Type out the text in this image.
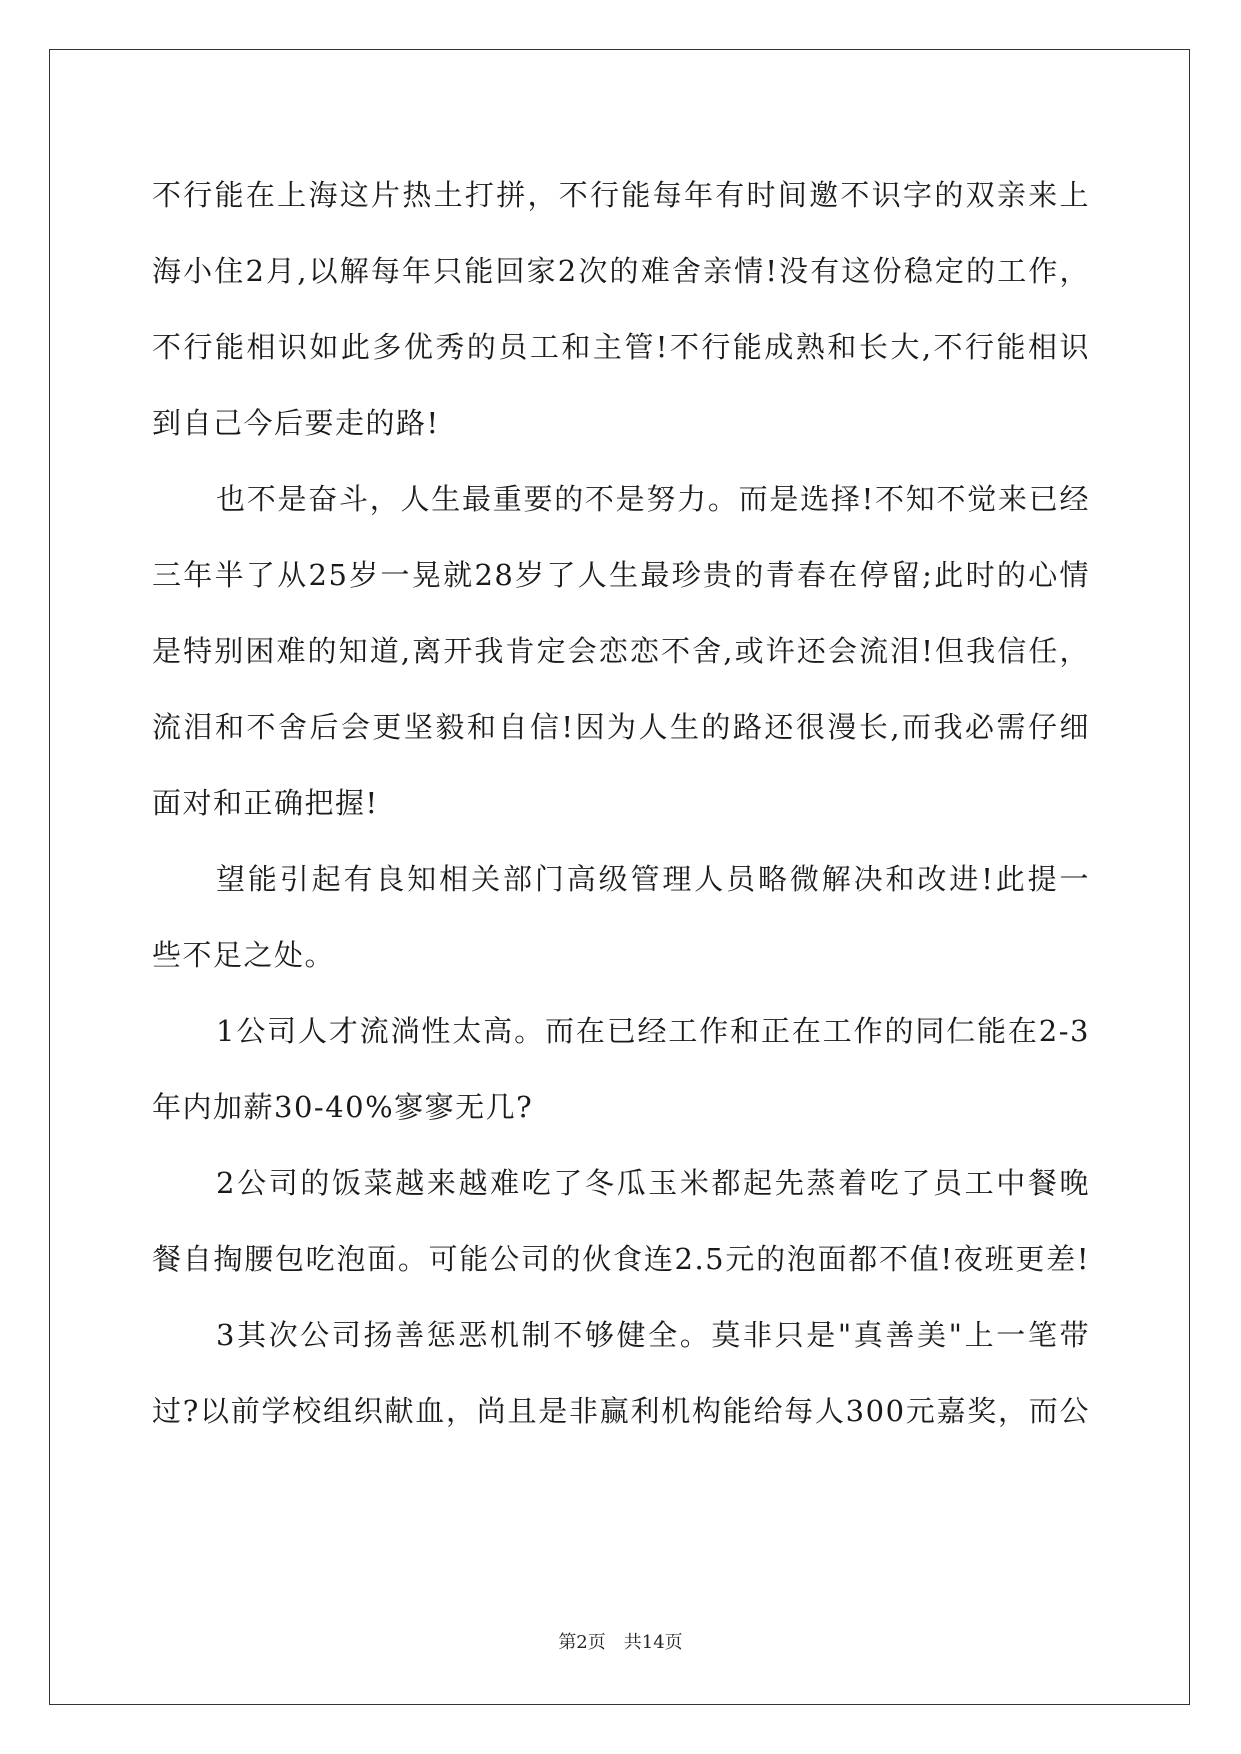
不行能在上海这片热土打拼，不行能每年有时间邀不识字的双亲来上
海小住2月,以解每年只能回家2次的难舍亲情!没有这份稳定的工作，
不行能相识如此多优秀的员工和主管!不行能成熟和长大,不行能相识
到自己今后要走的路!
也不是奋斗，人生最重要的不是努力。而是选择!不知不觉来已经
三年半了从25岁一晃就28岁了人生最珍贵的青春在停留;此时的心情
是特别困难的知道,离开我肯定会恋恋不舍,或许还会流泪!但我信任，
流泪和不舍后会更坚毅和自信!因为人生的路还很漫长,而我必需仔细
面对和正确把握!
望能引起有良知相关部门高级管理人员略微解决和改进!此提一
些不足之处。
1公司人才流淌性太高。而在已经工作和正在工作的同仁能在2-3
年内加薪30-40%寥寥无几?
2公司的饭菜越来越难吃了冬瓜玉米都起先蒸着吃了员工中餐晚
餐自掏腰包吃泡面。可能公司的伙食连2.5元的泡面都不值!夜班更差!
3其次公司扬善惩恶机制不够健全。莫非只是"真善美"上一笔带
过?以前学校组织献血，尚且是非赢利机构能给每人300元嘉奖，而公
第2页 共14页
